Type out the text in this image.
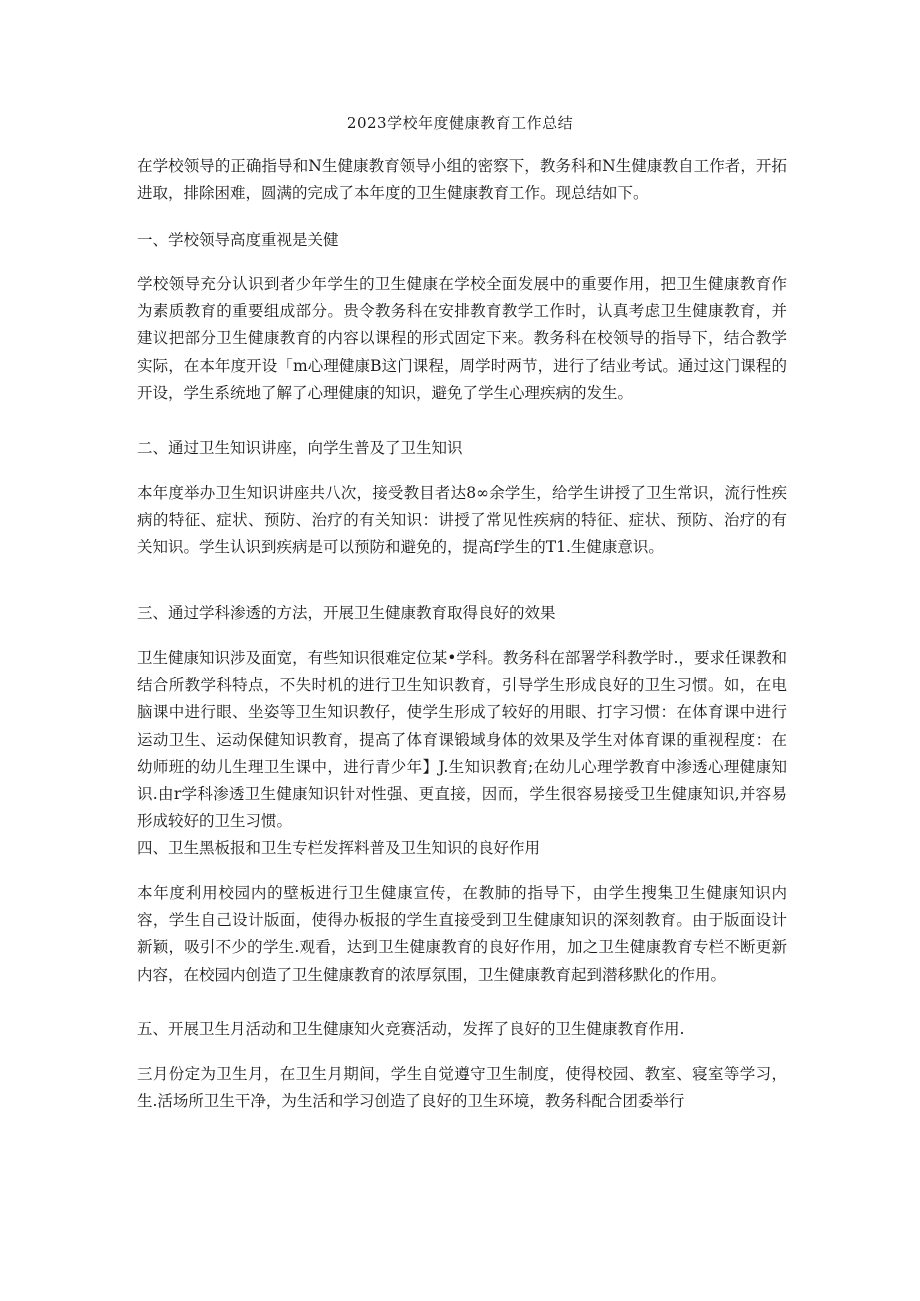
2023学校年度健康教育工作总结
在学校领导的正确指导和N生健康教育领导小组的密察下，教务科和N生健康教自工作者，开拓进取，排除困难，圆满的完成了本年度的卫生健康教育工作。现总结如下。
一、学校领导高度重视是关健
学校领导充分认识到者少年学生的卫生健康在学校全面发展中的重要作用，把卫生健康教育作为素质教育的重要组成部分。贵令教务科在安排教育教学工作时，认真考虑卫生健康教育，并建议把部分卫生健康教育的内容以课程的形式固定下来。教务科在校领导的指导下，结合教学实际，在本年度开设「m心理健康B这门课程，周学时两节，进行了结业考试。通过这门课程的开设，学生系统地了解了心理健康的知识，避免了学生心理疾病的发生。
二、通过卫生知识讲座，向学生普及了卫生知识
本年度举办卫生知识讲座共八次，接受教目者达8∞余学生，给学生讲授了卫生常识，流行性疾病的特征、症状、预防、治疗的有关知识：讲授了常见性疾病的特征、症状、预防、治疗的有关知识。学生认识到疾病是可以预防和避免的，提高f学生的T1.生健康意识。
三、通过学科渗透的方法，开展卫生健康教育取得良好的效果
卫生健康知识涉及面宽，有些知识很难定位某•学科。教务科在部署学科教学时.，要求任课教和结合所教学科特点，不失时机的进行卫生知识教育，引导学生形成良好的卫生习惯。如，在电脑课中进行眼、坐姿等卫生知识教仔，使学生形成了较好的用眼、打字习惯：在体育课中进行运动卫生、运动保健知识教育，提高了体育课锻域身体的效果及学生对体育课的重视程度：在幼师班的幼儿生理卫生课中，进行青少年】J.生知识教育;在幼儿心理学教育中渗透心理健康知识.由r学科渗透卫生健康知识针对性强、更直接，因而，学生很容易接受卫生健康知识,并容易形成较好的卫生习惯。
四、卫生黑板报和卫生专栏发挥料普及卫生知识的良好作用
本年度利用校园内的壁板进行卫生健康宣传，在教肺的指导下，由学生搜集卫生健康知识内容，学生自己设计版面，使得办板报的学生直接受到卫生健康知识的深刻教育。由于版面设计新颖，吸引不少的学生.观看，达到卫生健康教育的良好作用，加之卫生健康教育专栏不断更新内容，在校园内创造了卫生健康教育的浓厚氛围，卫生健康教育起到潜移默化的作用。
五、开展卫生月活动和卫生健康知火竞赛活动，发挥了良好的卫生健康教育作用.
三月份定为卫生月，在卫生月期间，学生自觉遵守卫生制度，使得校园、教室、寝室等学习，生.活场所卫生干净，为生活和学习创造了良好的卫生环境，教务科配合团委举行
